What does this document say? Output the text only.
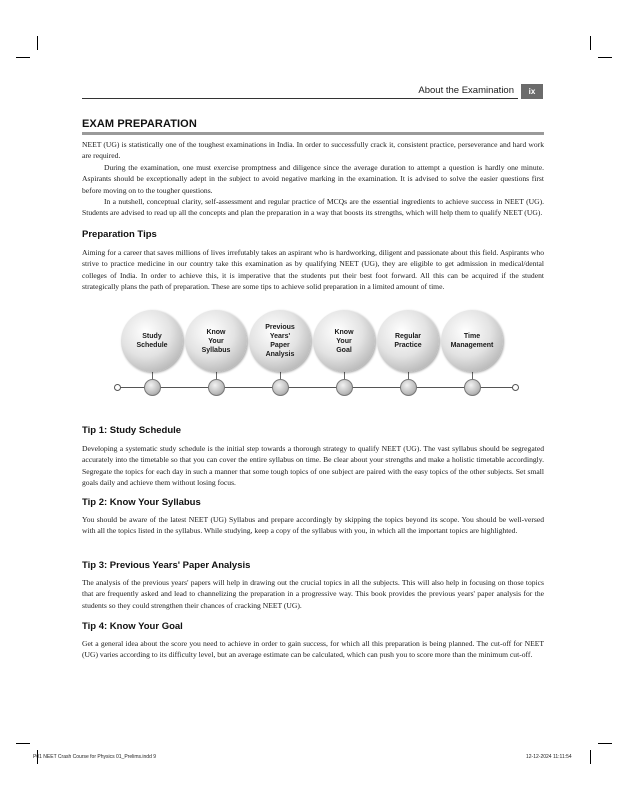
About the Examination	ix
EXAM PREPARATION

NEET (UG) is statistically one of the toughest examinations in India. In order to successfully crack it, consistent practice, perseverance and hard work are required.

During the examination, one must exercise promptness and diligence since the average duration to attempt a question is hardly one minute. Aspirants should be exceptionally adept in the subject to avoid negative marking in the examination. It is advised to solve the easier questions first before moving on to the tougher questions.

In a nutshell, conceptual clarity, self-assessment and regular practice of MCQs are the essential ingredients to achieve success in NEET (UG). Students are advised to read up all the concepts and plan the preparation in a way that boosts its strengths, which will help them to qualify NEET (UG).

Preparation Tips

Aiming for a career that saves millions of lives irrefutably takes an aspirant who is hardworking, diligent and passionate about this field. Aspirants who strive to practice medicine in our country take this examination as by qualifying NEET (UG), they are eligible to get admission in medical/dental colleges of India. In order to achieve this, it is imperative that the students put their best foot forward. All this can be acquired if the student strategically plans the path of preparation. These are some tips to achieve solid preparation in a limited amount of time.

Study
Schedule
Know
Your
Syllabus
Previous
Years'
Paper
Analysis
Know
Your
Goal
Regular
Practice
Time
Management
Tip 1: Study Schedule

Developing a systematic study schedule is the initial step towards a thorough strategy to qualify NEET (UG). The vast syllabus should be segregated accurately into the timetable so that you can cover the entire syllabus on time. Be clear about your strengths and make a holistic timetable accordingly. Segregate the topics for each day in such a manner that some tough topics of one subject are paired with the easy topics of the other subjects. Set small goals daily and achieve them without losing focus.

Tip 2: Know Your Syllabus

You should be aware of the latest NEET (UG) Syllabus and prepare accordingly by skipping the topics beyond its scope. You should be well-versed with all the topics listed in the syllabus. While studying, keep a copy of the syllabus with you, in which all the important topics are highlighted.

Tip 3: Previous Years' Paper Analysis

The analysis of the previous years' papers will help in drawing out the crucial topics in all the subjects. This will also help in focusing on those topics that are frequently asked and lead to channelizing the preparation in a progressive way. This book provides the previous years' paper analysis for the students so they could strengthen their chances of cracking NEET (UG).

Tip 4: Know Your Goal

Get a general idea about the score you need to achieve in order to gain success, for which all this preparation is being planned. The cut-off for NEET (UG) varies according to its difficulty level, but an average estimate can be calculated, which can push you to score more than the minimum cut-off.

P01 NEET Crash Course for Physics 01_Prelims.indd 9	12-12-2024 11:11:54
